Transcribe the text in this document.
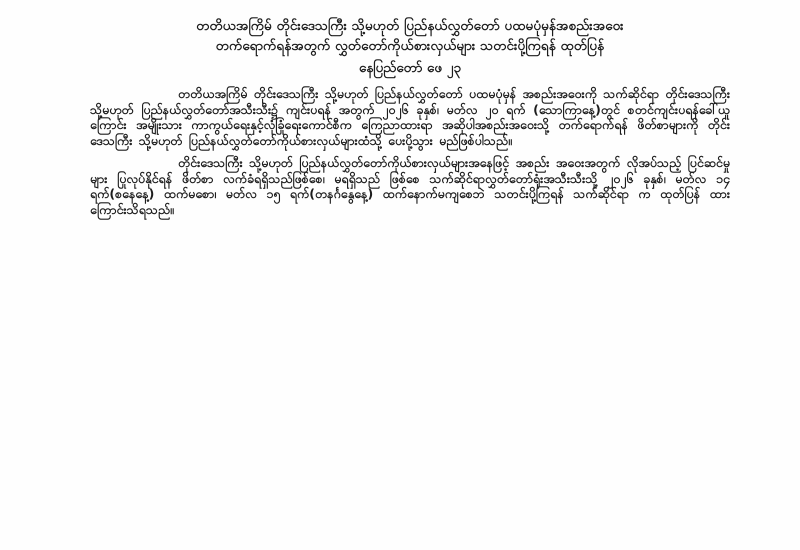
တတိယအကြိမ် တိုင်းဒေသကြီး သို့မဟုတ် ပြည်နယ်လွှတ်တော် ပထမပုံမှန်အစည်းအဝေး
တက်ရောက်ရန်အတွက် လွှတ်တော်ကိုယ်စားလှယ်များ သတင်းပို့ကြရန် ထုတ်ပြန်
နေပြည်တော် ဖေ ၂၃

တတိယအကြိမ် တိုင်းဒေသကြီး သို့မဟုတ် ပြည်နယ်လွှတ်တော် ပထမပုံမှန် အစည်းအဝေးကို သက်ဆိုင်ရာ တိုင်းဒေသကြီး သို့မဟုတ် ပြည်နယ်လွှတ်တော်အသီးသီး၌ ကျင်းပရန် အတွက် ၂၀၂၆ ခုနှစ်၊ မတ်လ ၂၀ ရက် (သောကြာနေ့)တွင် စတင်ကျင်းပရန်ခေါ်ယူကြောင်း အမျိုးသား ကာကွယ်ရေးနှင့်လုံခြုံရေးကောင်စီက ကြေညာထားရာ အဆိုပါအစည်းအဝေးသို့ တက်ရောက်ရန် ဖိတ်စာများကို တိုင်းဒေသကြီး သို့မဟုတ် ပြည်နယ်လွှတ်တော်ကိုယ်စားလှယ်များထံသို့ ပေးပို့သွား မည်ဖြစ်ပါသည်။

တိုင်းဒေသကြီး သို့မဟုတ် ပြည်နယ်လွှတ်တော်ကိုယ်စားလှယ်များအနေဖြင့် အစည်း အဝေးအတွက် လိုအပ်သည့် ပြင်ဆင်မှုများ ပြုလုပ်နိုင်ရန် ဖိတ်စာ လက်ခံရရှိသည်ဖြစ်စေ၊ မရရှိသည် ဖြစ်စေ သက်ဆိုင်ရာလွှတ်တော်ရုံးအသီးသီးသို့ ၂၀၂၆ ခုနှစ်၊ မတ်လ ၁၄ ရက်(စနေနေ့) ထက်မစော၊ မတ်လ ၁၅ ရက်(တနင်္ဂနွေနေ့) ထက်နောက်မကျစေဘဲ သတင်းပို့ကြရန် သက်ဆိုင်ရာ က ထုတ်ပြန် ထားကြောင်းသိရသည်။
